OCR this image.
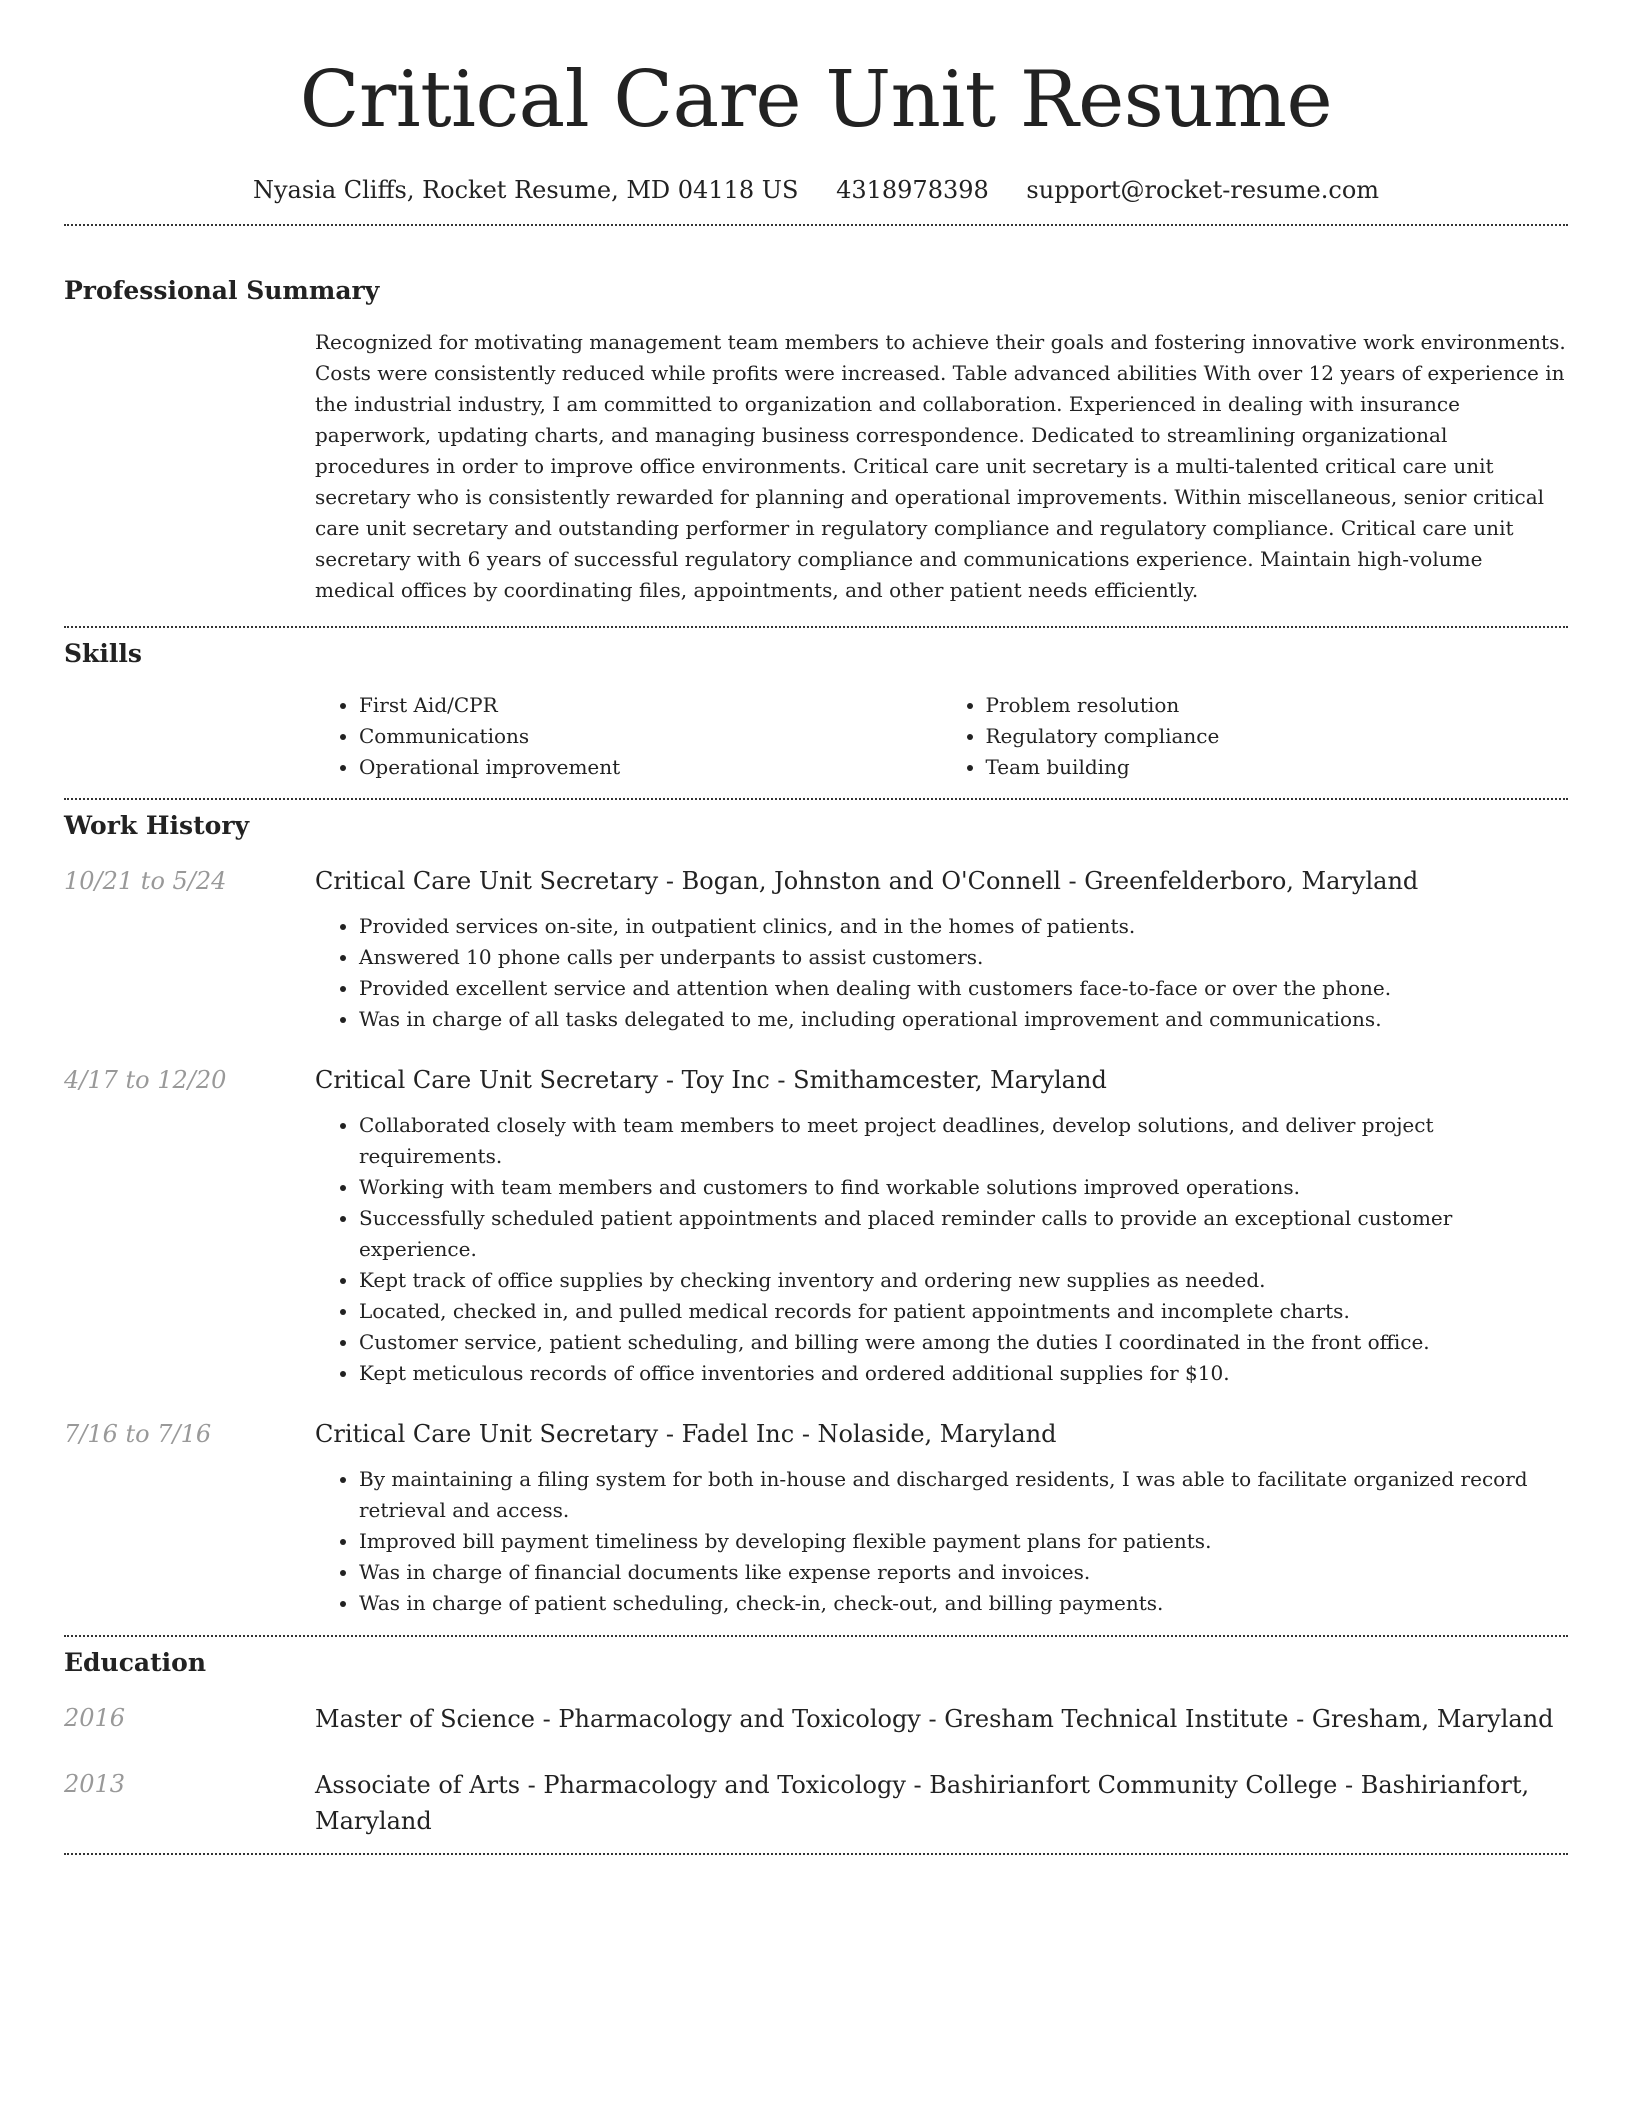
Critical Care Unit Resume
Nyasia Cliffs, Rocket Resume, MD 04118 US 4318978398 support@rocket-resume.com
Professional Summary

Recognized for motivating management team members to achieve their goals and fostering innovative work environments. Costs were consistently reduced while profits were increased. Table advanced abilities With over 12 years of experience in the industrial industry, I am committed to organization and collaboration. Experienced in dealing with insurance paperwork, updating charts, and managing business correspondence. Dedicated to streamlining organizational procedures in order to improve office environments. Critical care unit secretary is a multi-talented critical care unit secretary who is consistently rewarded for planning and operational improvements. Within miscellaneous, senior critical care unit secretary and outstanding performer in regulatory compliance and regulatory compliance. Critical care unit secretary with 6 years of successful regulatory compliance and communications experience. Maintain high-volume medical offices by coordinating files, appointments, and other patient needs efficiently.

Skills
• First Aid/CPR
• Communications
• Operational improvement
• Problem resolution
• Regulatory compliance
• Team building
Work History
10/21 to 5/24	Critical Care Unit Secretary - Bogan, Johnston and O'Connell - Greenfelderboro, Maryland
• Provided services on-site, in outpatient clinics, and in the homes of patients.
• Answered 10 phone calls per underpants to assist customers.
• Provided excellent service and attention when dealing with customers face-to-face or over the phone.
• Was in charge of all tasks delegated to me, including operational improvement and communications.
4/17 to 12/20	Critical Care Unit Secretary - Toy Inc - Smithamcester, Maryland
• Collaborated closely with team members to meet project deadlines, develop solutions, and deliver project requirements.
• Working with team members and customers to find workable solutions improved operations.
• Successfully scheduled patient appointments and placed reminder calls to provide an exceptional customer experience.
• Kept track of office supplies by checking inventory and ordering new supplies as needed.
• Located, checked in, and pulled medical records for patient appointments and incomplete charts.
• Customer service, patient scheduling, and billing were among the duties I coordinated in the front office.
• Kept meticulous records of office inventories and ordered additional supplies for $10.
7/16 to 7/16	Critical Care Unit Secretary - Fadel Inc - Nolaside, Maryland
• By maintaining a filing system for both in-house and discharged residents, I was able to facilitate organized record retrieval and access.
• Improved bill payment timeliness by developing flexible payment plans for patients.
• Was in charge of financial documents like expense reports and invoices.
• Was in charge of patient scheduling, check-in, check-out, and billing payments.
Education
2016	Master of Science - Pharmacology and Toxicology - Gresham Technical Institute - Gresham, Maryland
2013	Associate of Arts - Pharmacology and Toxicology - Bashirianfort Community College - Bashirianfort, Maryland
